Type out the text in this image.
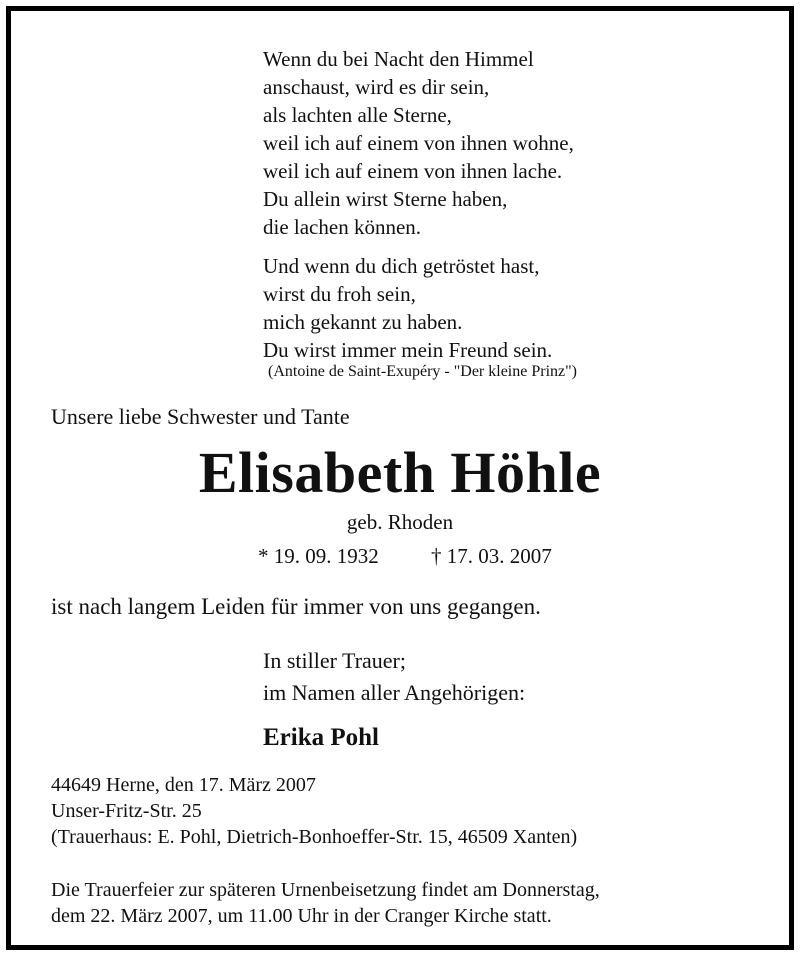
Wenn du bei Nacht den Himmel
anschaust, wird es dir sein,
als lachten alle Sterne,
weil ich auf einem von ihnen wohne,
weil ich auf einem von ihnen lache.
Du allein wirst Sterne haben,
die lachen können.
Und wenn du dich getröstet hast,
wirst du froh sein,
mich gekannt zu haben.
Du wirst immer mein Freund sein.
(Antoine de Saint-Exupéry - "Der kleine Prinz")
Unsere liebe Schwester und Tante
Elisabeth Höhle
geb. Rhoden
* 19. 09. 1932 † 17. 03. 2007
ist nach langem Leiden für immer von uns gegangen.
In stiller Trauer;
im Namen aller Angehörigen:
Erika Pohl
44649 Herne, den 17. März 2007
Unser-Fritz-Str. 25
(Trauerhaus: E. Pohl, Dietrich-Bonhoeffer-Str. 15, 46509 Xanten)
Die Trauerfeier zur späteren Urnenbeisetzung findet am Donnerstag,
dem 22. März 2007, um 11.00 Uhr in der Cranger Kirche statt.
